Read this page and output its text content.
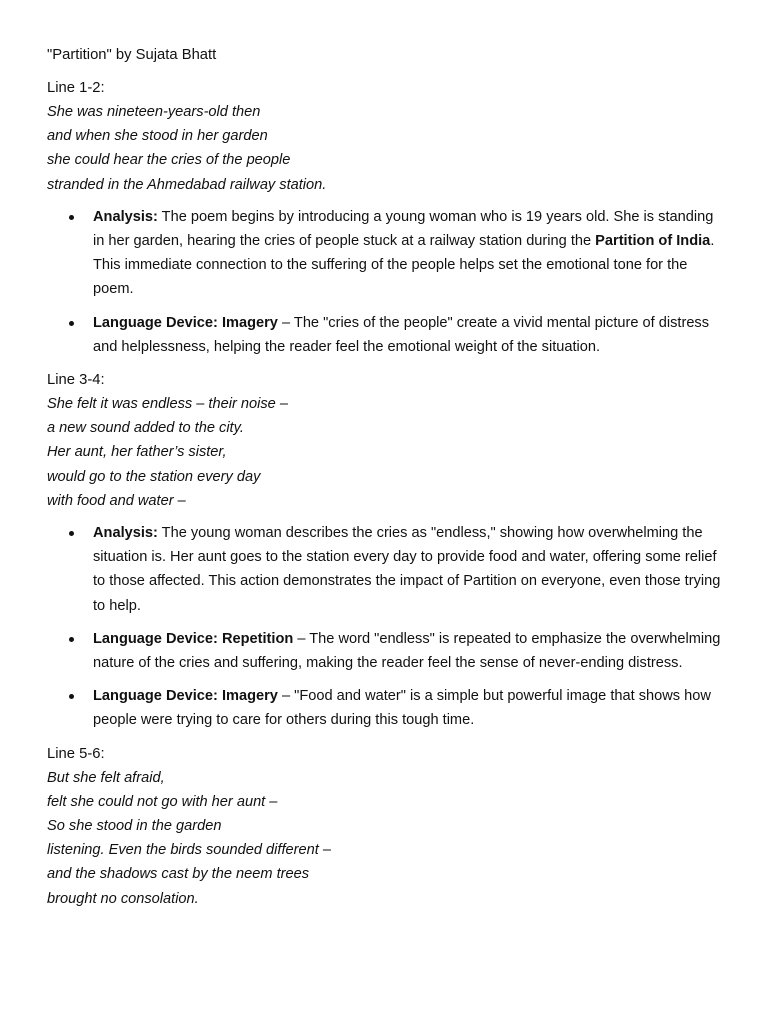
"Partition" by Sujata Bhatt
Line 1-2:
She was nineteen-years-old then
and when she stood in her garden
she could hear the cries of the people
stranded in the Ahmedabad railway station.
Analysis: The poem begins by introducing a young woman who is 19 years old. She is standing in her garden, hearing the cries of people stuck at a railway station during the Partition of India. This immediate connection to the suffering of the people helps set the emotional tone for the poem.
Language Device: Imagery – The "cries of the people" create a vivid mental picture of distress and helplessness, helping the reader feel the emotional weight of the situation.
Line 3-4:
She felt it was endless – their noise –
a new sound added to the city.
Her aunt, her father’s sister,
would go to the station every day
with food and water –
Analysis: The young woman describes the cries as "endless," showing how overwhelming the situation is. Her aunt goes to the station every day to provide food and water, offering some relief to those affected. This action demonstrates the impact of Partition on everyone, even those trying to help.
Language Device: Repetition – The word "endless" is repeated to emphasize the overwhelming nature of the cries and suffering, making the reader feel the sense of never-ending distress.
Language Device: Imagery – "Food and water" is a simple but powerful image that shows how people were trying to care for others during this tough time.
Line 5-6:
But she felt afraid,
felt she could not go with her aunt –
So she stood in the garden
listening. Even the birds sounded different –
and the shadows cast by the neem trees
brought no consolation.
